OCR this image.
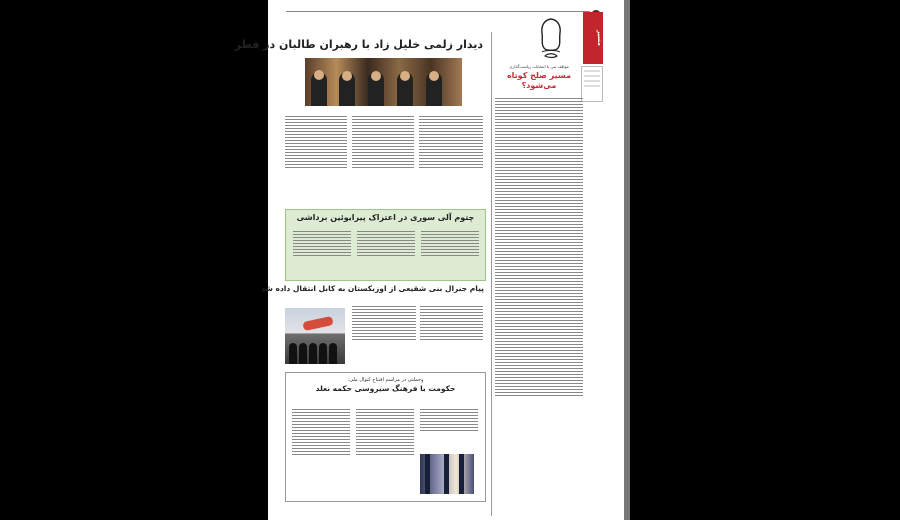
مسیر
دیدار زلمی خلیل زاد با رهبران طالبان در قطر
چتوم آلی سوری در اعتراک پیرایوئین برداشی
پیام جنرال بنی شقیعی از اوزبکستان به کابل انتقال داده شد
مواقف بنی با انتخابات ریاست‌گذاری
مسیر صلح کوتاه
می‌شود؟
وحملتی در مراسم افتتاح کتوال ملی:
حکومت با فرهنگ سیروسی حکمه نعلد
